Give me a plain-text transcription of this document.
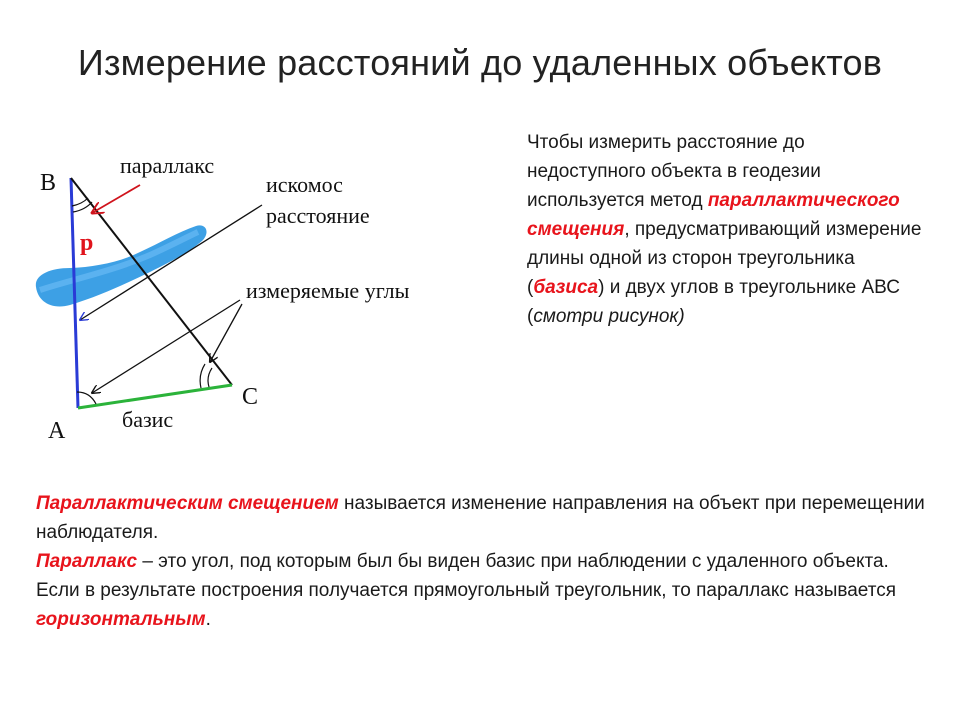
Измерение расстояний до удаленных объектов
B
A
C
параллакс
искомос
расстояние
измеряемые углы
базис
p

Чтобы измерить расстояние до недоступного объекта в геодезии используется метод параллактического смещения, предусматривающий измерение длины одной из сторон треугольника (базиса) и двух углов в треугольнике АВС (смотри рисунок)

Параллактическим смещением называется изменение направления на объект при перемещении наблюдателя.

Параллакс – это угол, под которым был бы виден базис при наблюдении с удаленного объекта.

Если в результате построения получается прямоугольный треугольник, то параллакс называется горизонтальным.
